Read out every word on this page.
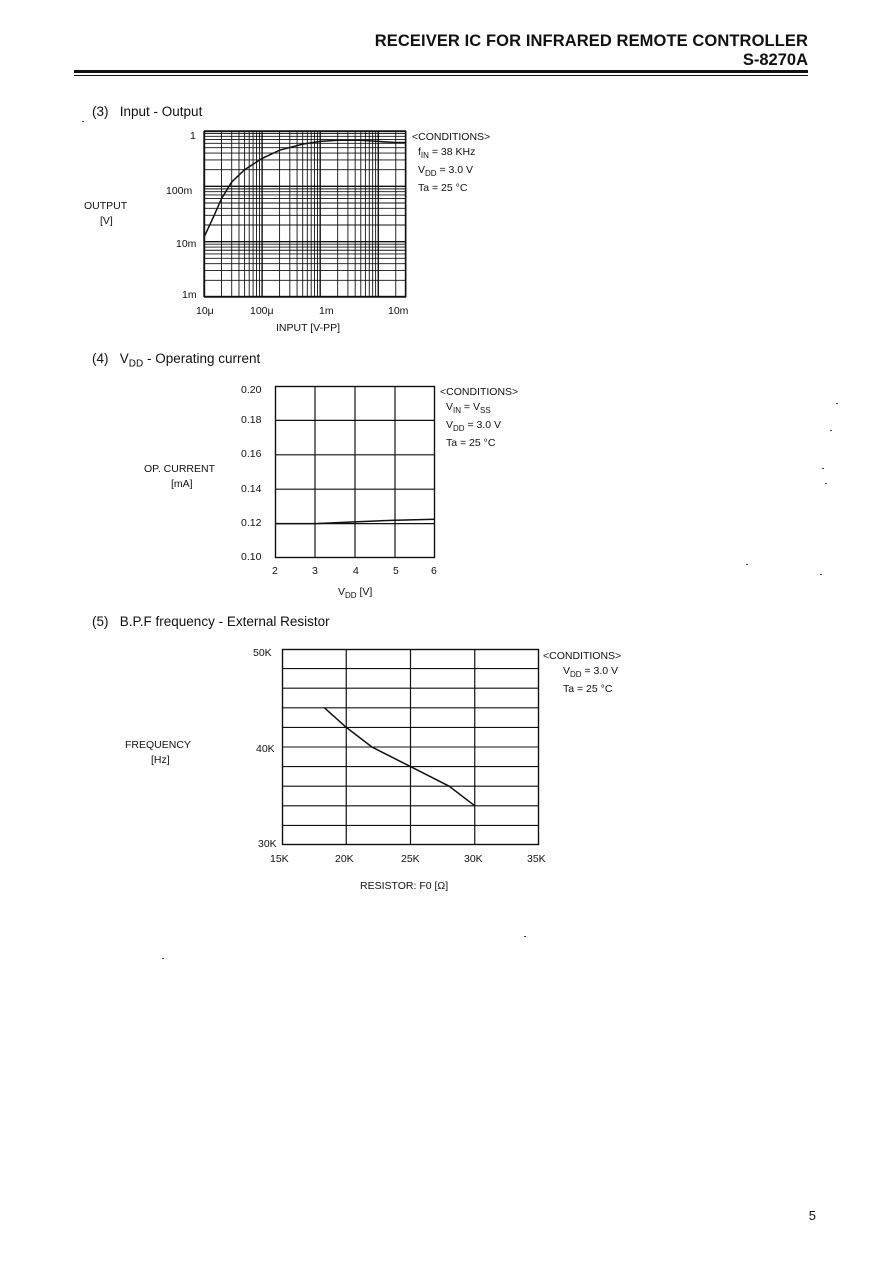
RECEIVER IC FOR INFRARED REMOTE CONTROLLER
S-8270A
(3) Input - Output
OUTPUT
[V]
1
100m
10m
1m
10μ	100μ	1m	10m
INPUT [V-PP]
<CONDITIONS>
$f_{IN} = 38$ KHz
$V_{DD} = 3.0$ V
Ta = 25 °C
(4) $V_{DD}$ - Operating current
OP. CURRENT
[mA]
0.20
0.18
0.16
0.14
0.12
0.10
2	3	4	5	6
$V_{DD}$ [V]
<CONDITIONS>
$V_{IN} = V_{SS}$
$V_{DD} = 3.0$ V
Ta = 25 °C
(5) B.P.F frequency - External Resistor
FREQUENCY
[Hz]
50K
40K
30K
15K	20K	25K	30K	35K
RESISTOR: F0 [Ω]
<CONDITIONS>
$V_{DD} = 3.0$ V
Ta = 25 °C
5
